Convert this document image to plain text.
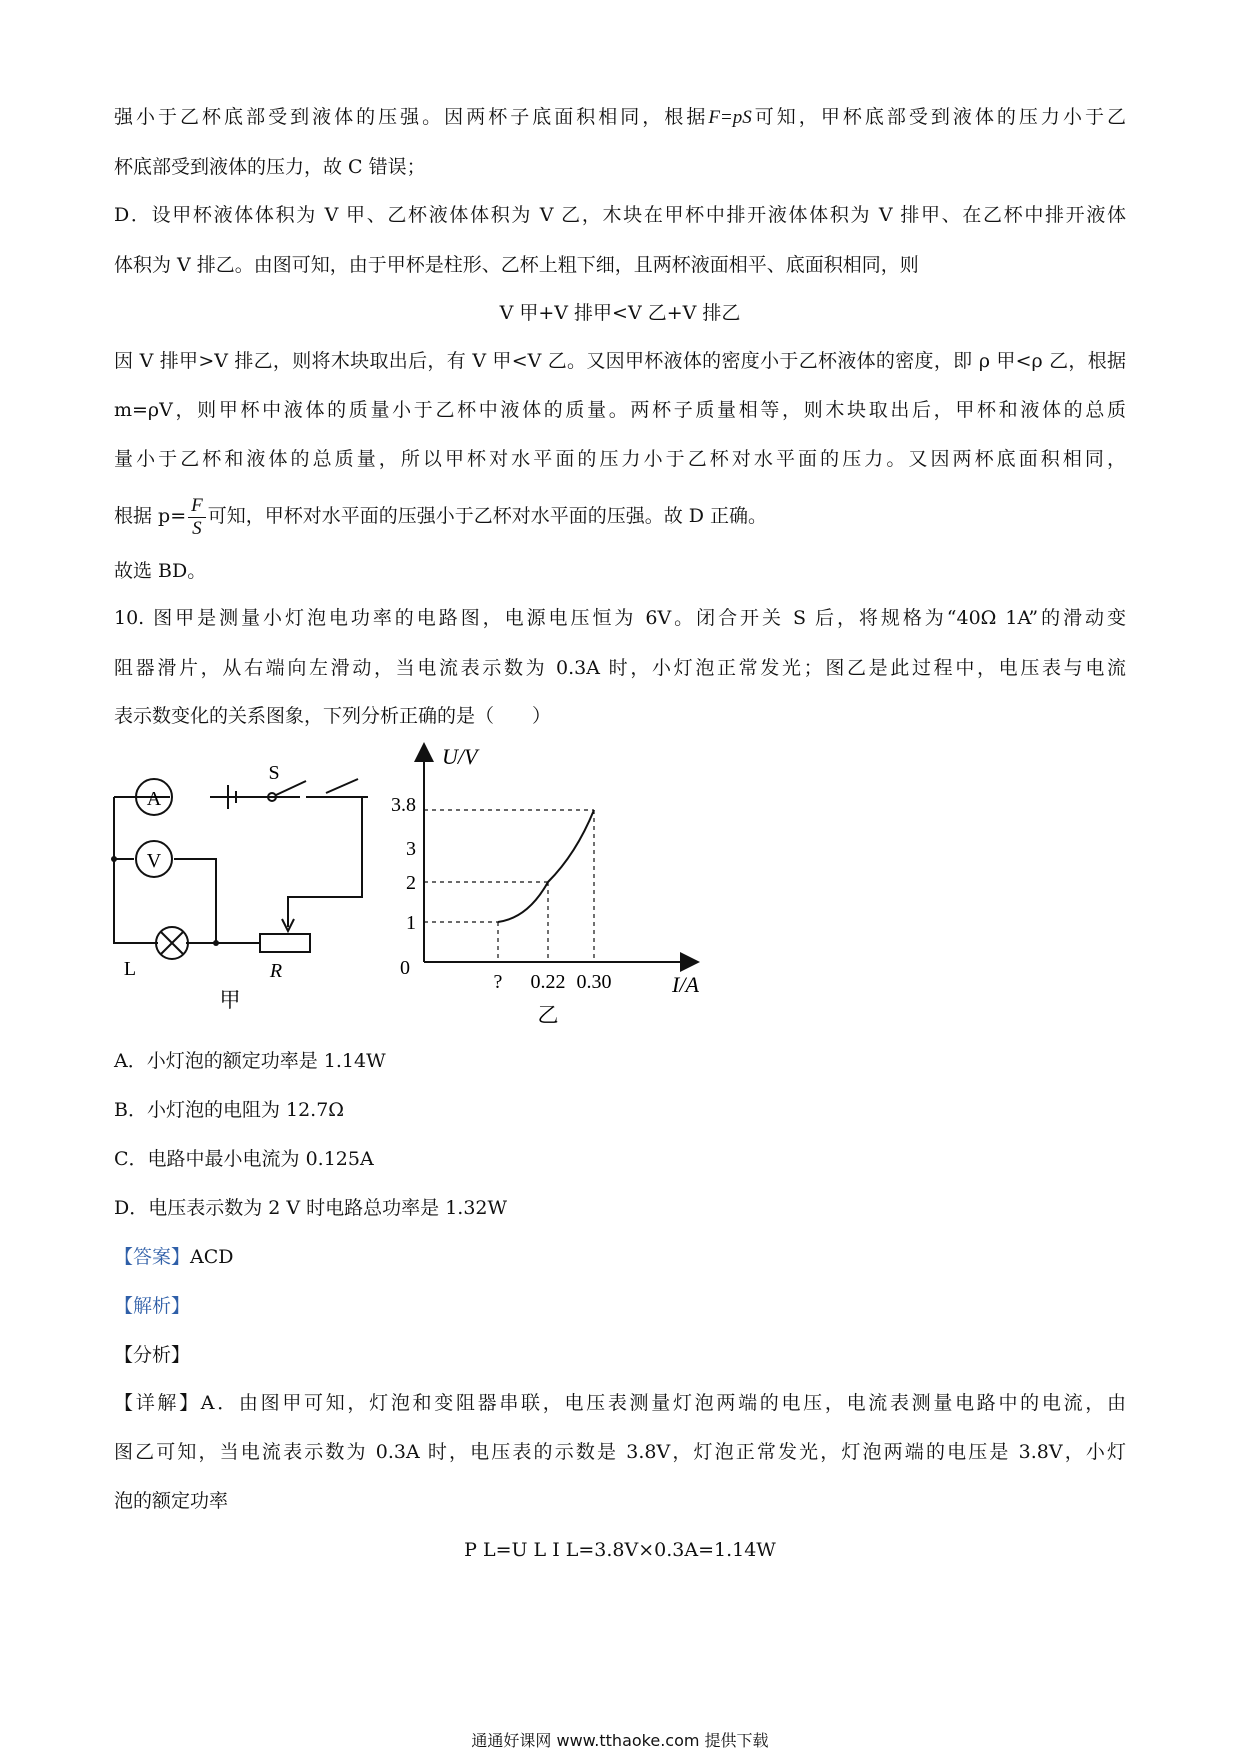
强小于乙杯底部受到液体的压强。因两杯子底面积相同，根据F=pS可知，甲杯底部受到液体的压力小于乙
杯底部受到液体的压力，故 C 错误；
D．设甲杯液体体积为 V 甲、乙杯液体体积为 V 乙，木块在甲杯中排开液体体积为 V 排甲、在乙杯中排开液体
体积为 V 排乙。由图可知，由于甲杯是柱形、乙杯上粗下细，且两杯液面相平、底面积相同，则
V 甲+V 排甲<V 乙+V 排乙
因 V 排甲>V 排乙，则将木块取出后，有 V 甲<V 乙。又因甲杯液体的密度小于乙杯液体的密度，即 ρ 甲<ρ 乙，根据
m=ρV，则甲杯中液体的质量小于乙杯中液体的质量。两杯子质量相等，则木块取出后，甲杯和液体的总质
量小于乙杯和液体的总质量，所以甲杯对水平面的压力小于乙杯对水平面的压力。又因两杯底面积相同，
根据 $p= \frac{F}{S}$ 可知，甲杯对水平面的压强小于乙杯对水平面的压强。故 D 正确。
故选 BD。
10. 图甲是测量小灯泡电功率的电路图，电源电压恒为 6V。闭合开关 S 后，将规格为“40Ω 1A”的滑动变
阻器滑片，从右端向左滑动，当电流表示数为 0.3A 时，小灯泡正常发光；图乙是此过程中，电压表与电流
表示数变化的关系图象，下列分析正确的是（　　）
A
V
S
L	R
甲
U/V
I/A
0
3.8
3
2
1
? 0.22 0.30
乙
A．小灯泡的额定功率是 1.14W
B．小灯泡的电阻为 12.7Ω
C．电路中最小电流为 0.125A
D．电压表示数为 2 V 时电路总功率是 1.32W
【答案】ACD
【解析】
【分析】
【详解】A．由图甲可知，灯泡和变阻器串联，电压表测量灯泡两端的电压，电流表测量电路中的电流，由
图乙可知，当电流表示数为 0.3A 时，电压表的示数是 3.8V，灯泡正常发光，灯泡两端的电压是 3.8V，小灯
泡的额定功率
P L=U L I L=3.8V×0.3A=1.14W
通通好课网 www.tthaoke.com 提供下载
